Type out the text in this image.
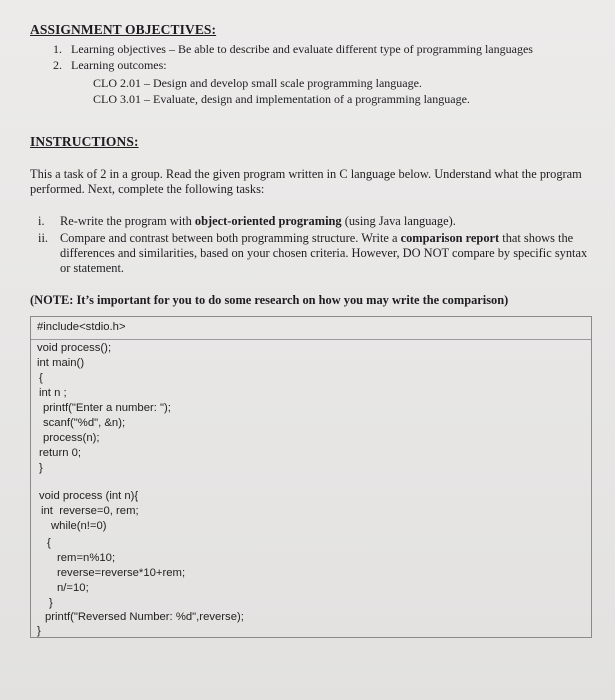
ASSIGNMENT OBJECTIVES:
1. Learning objectives – Be able to describe and evaluate different type of programming languages
2. Learning outcomes:
CLO 2.01 – Design and develop small scale programming language.
CLO 3.01 – Evaluate, design and implementation of a programming language.
INSTRUCTIONS:
This a task of 2 in a group. Read the given program written in C language below. Understand what the program performed. Next, complete the following tasks:
i. Re-write the program with object-oriented programing (using Java language).
ii. Compare and contrast between both programming structure. Write a comparison report that shows the differences and similarities, based on your chosen criteria. However, DO NOT compare by specific syntax or statement.
(NOTE: It’s important for you to do some research on how you may write the comparison)
#include<stdio.h>
void process();
int main()
{
int n ;
printf("Enter a number: ");
scanf("%d", &n);
process(n);
return 0;
}
void process (int n){
int  reverse=0, rem;
while(n!=0)
{
rem=n%10;
reverse=reverse*10+rem;
n/=10;
}
printf("Reversed Number: %d",reverse);
}
